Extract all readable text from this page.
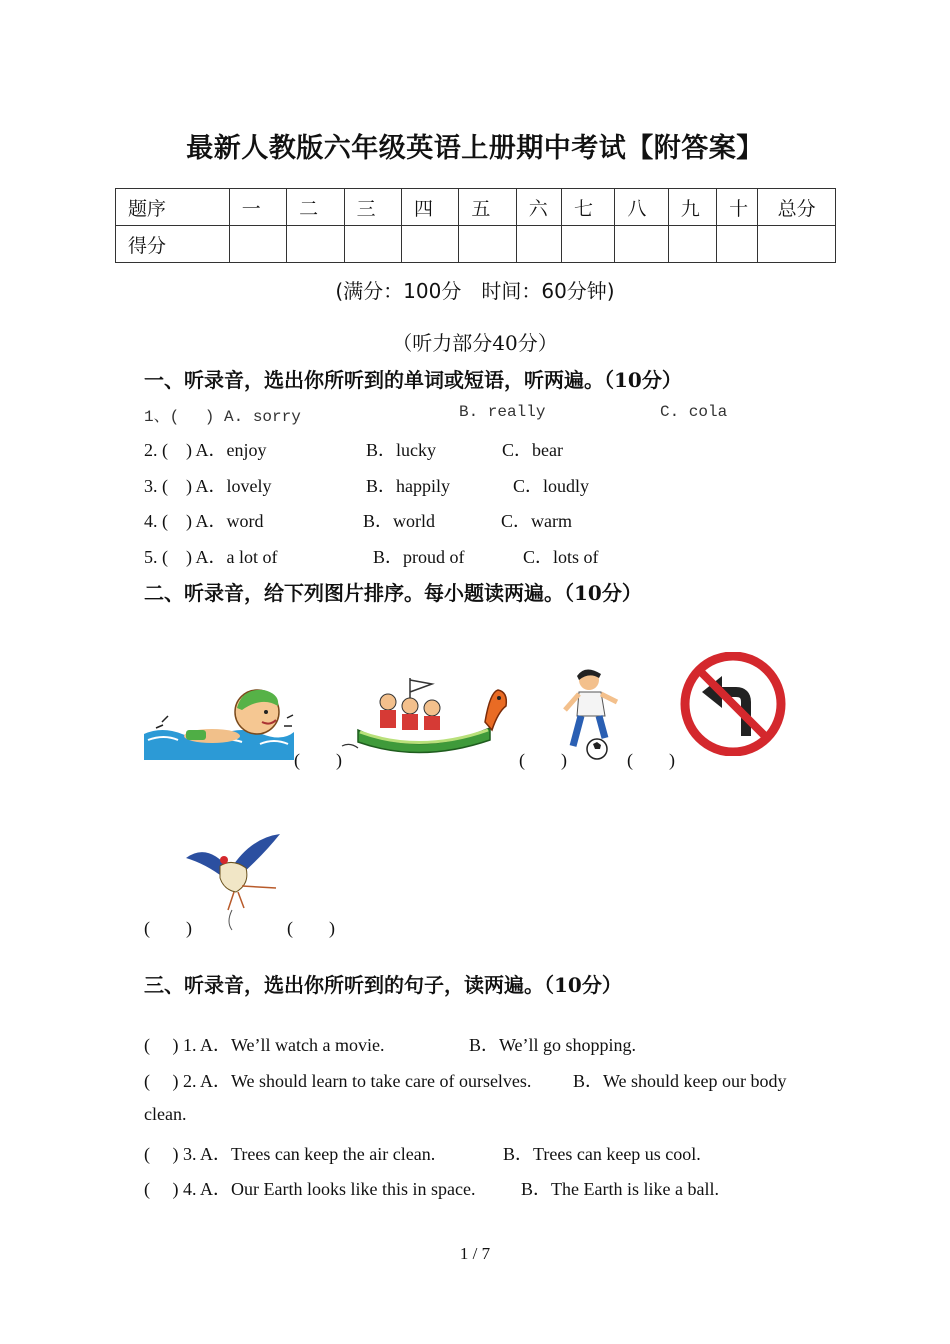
最新人教版六年级英语上册期中考试【附答案】
题序	一	二	三	四	五	六	七	八	九	十	总分
得分											
(满分：100分　时间：60分钟)
（听力部分40分）
一、听录音，选出你所听到的单词或短语，听两遍。（10分）
1、(　 ) A. sorry	B. really	C. cola
2. (　) A．enjoy	B．lucky	C．bear
3. (　) A．lovely	B．happily	C．loudly
4. (　) A．word	B．world	C．warm
5. (　) A．a lot of	B．proud of	C．lots of
二、听录音，给下列图片排序。每小题读两遍。（10分）
(　　)	(　　)	(　　)
(　　)	(　　)
三、听录音，选出你所听到的句子，读两遍。（10分）
(　 ) 1. A．We’ll watch a movie.	B．We’ll go shopping.
(　 ) 2. A．We should learn to take care of ourselves. B．We should keep our body
clean.
(　 ) 3. A．Trees can keep the air clean.	B．Trees can keep us cool.
(　 ) 4. A．Our Earth looks like this in space.	B．The Earth is like a ball.
1 / 7
